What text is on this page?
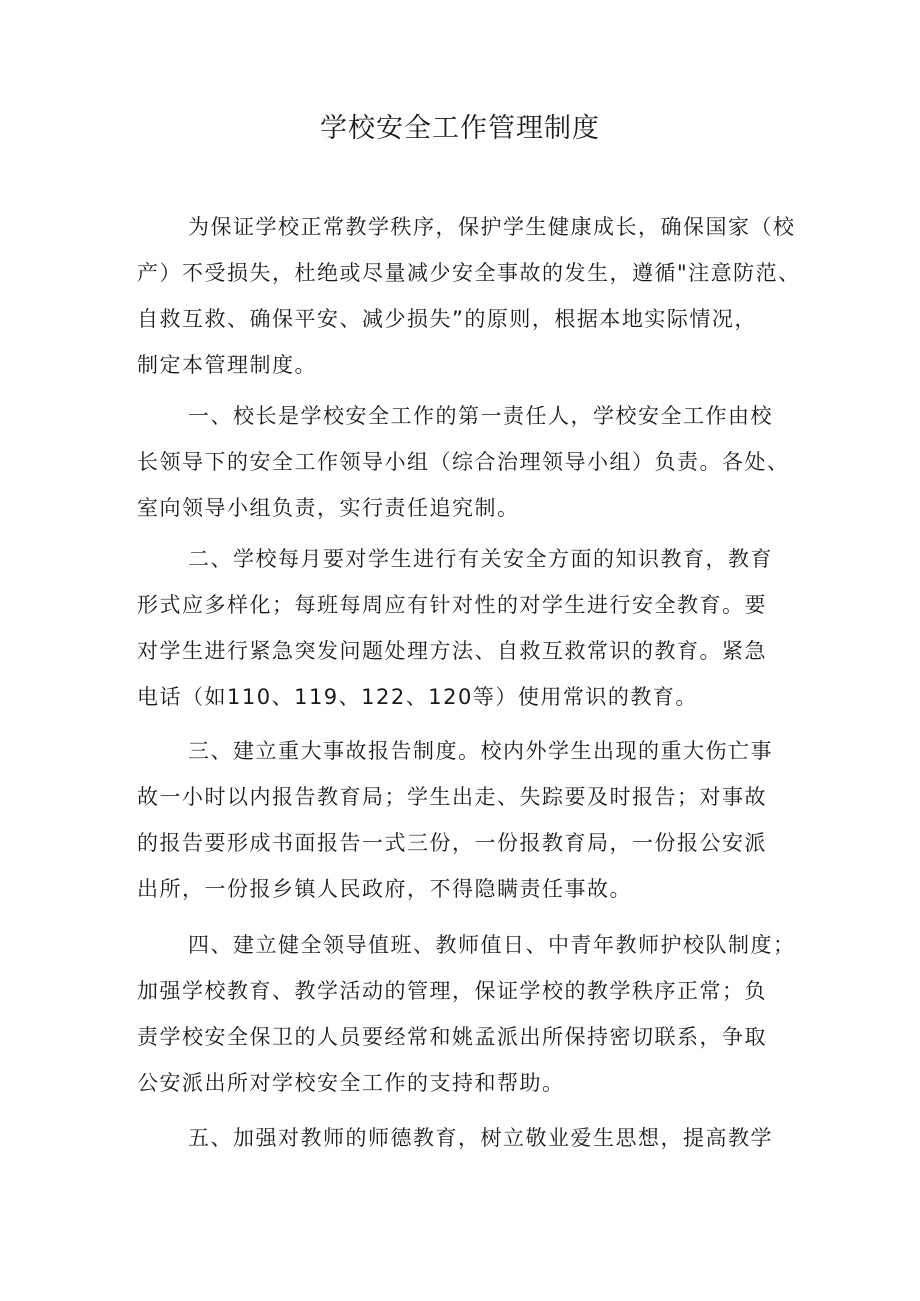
学校安全工作管理制度
为保证学校正常教学秩序，保护学生健康成长，确保国家（校
产）不受损失，杜绝或尽量减少安全事故的发生，遵循"注意防范、
自救互救、确保平安、减少损失”的原则，根据本地实际情况，
制定本管理制度。
一、校长是学校安全工作的第一责任人，学校安全工作由校
长领导下的安全工作领导小组（综合治理领导小组）负责。各处、
室向领导小组负责，实行责任追究制。
二、学校每月要对学生进行有关安全方面的知识教育，教育
形式应多样化；每班每周应有针对性的对学生进行安全教育。要
对学生进行紧急突发问题处理方法、自救互救常识的教育。紧急
电话（如110、119、122、120等）使用常识的教育。
三、建立重大事故报告制度。校内外学生出现的重大伤亡事
故一小时以内报告教育局；学生出走、失踪要及时报告；对事故
的报告要形成书面报告一式三份，一份报教育局，一份报公安派
出所，一份报乡镇人民政府，不得隐瞒责任事故。
四、建立健全领导值班、教师值日、中青年教师护校队制度；
加强学校教育、教学活动的管理，保证学校的教学秩序正常；负
责学校安全保卫的人员要经常和姚孟派出所保持密切联系，争取
公安派出所对学校安全工作的支持和帮助。
五、加强对教师的师德教育，树立敬业爱生思想，提高教学
